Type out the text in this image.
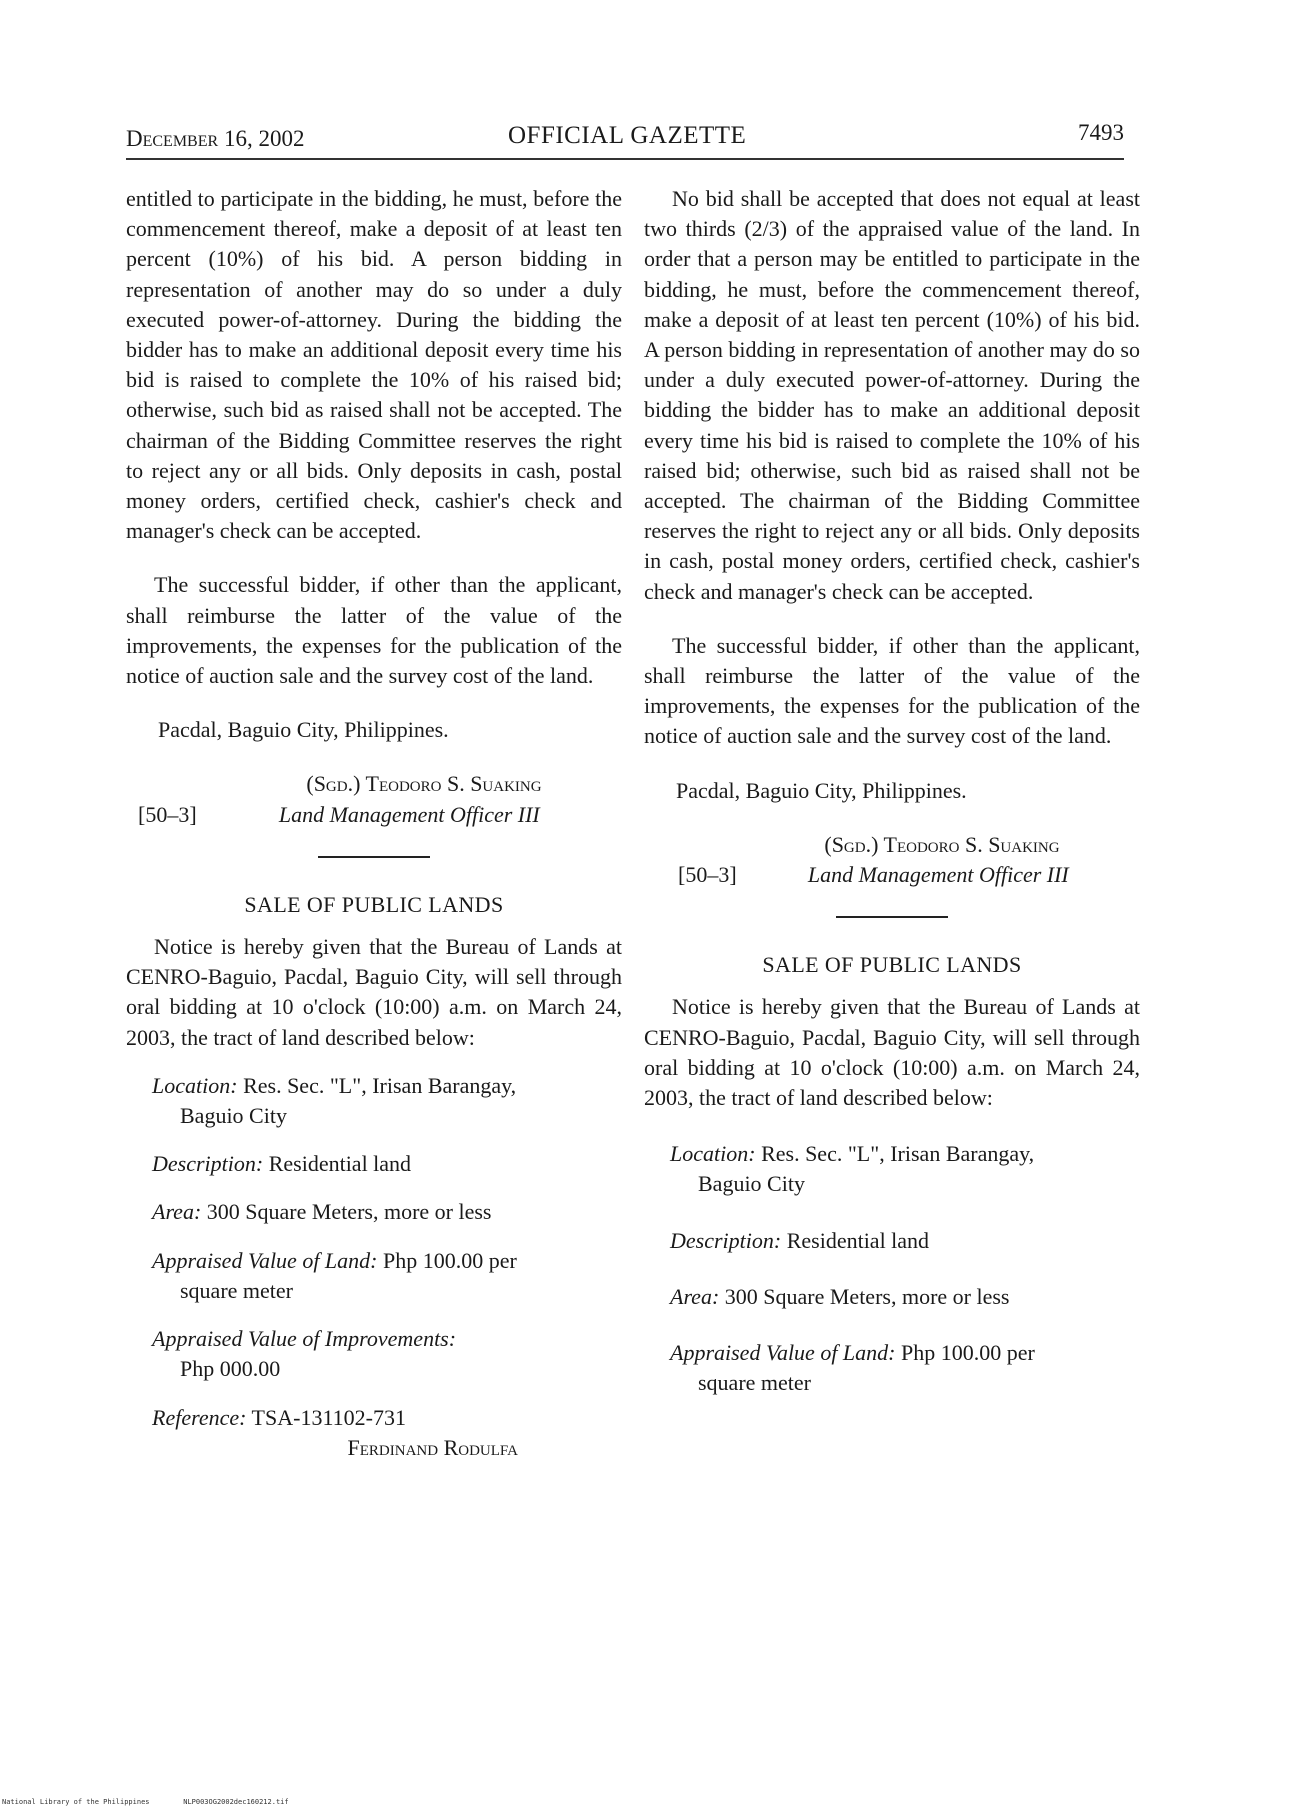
December 16, 2002	OFFICIAL GAZETTE	7493

entitled to participate in the bidding, he must, before the commencement thereof, make a deposit of at least ten percent (10%) of his bid. A person bidding in representation of another may do so under a duly executed power-of-attorney. During the bidding the bidder has to make an additional deposit every time his bid is raised to complete the 10% of his raised bid; otherwise, such bid as raised shall not be accepted. The chairman of the Bidding Committee reserves the right to reject any or all bids. Only deposits in cash, postal money orders, certified check, cashier's check and manager's check can be accepted.

The successful bidder, if other than the applicant, shall reimburse the latter of the value of the improvements, the expenses for the publication of the notice of auction sale and the survey cost of the land.

Pacdal, Baguio City, Philippines.

(Sgd.) Teodoro S. Suaking
[50–3]	Land Management Officer III

SALE OF PUBLIC LANDS

Notice is hereby given that the Bureau of Lands at CENRO-Baguio, Pacdal, Baguio City, will sell through oral bidding at 10 o'clock (10:00) a.m. on March 24, 2003, the tract of land described below:

Location: Res. Sec. "L", Irisan Barangay,
Baguio City

Description: Residential land

Area: 300 Square Meters, more or less

Appraised Value of Land: Php 100.00 per
square meter

Appraised Value of Improvements:
Php 000.00

Reference: TSA-131102-731

Ferdinand Rodulfa

No bid shall be accepted that does not equal at least two thirds (2/3) of the appraised value of the land. In order that a person may be entitled to participate in the bidding, he must, before the commencement thereof, make a deposit of at least ten percent (10%) of his bid. A person bidding in representation of another may do so under a duly executed power-of-attorney. During the bidding the bidder has to make an additional deposit every time his bid is raised to complete the 10% of his raised bid; otherwise, such bid as raised shall not be accepted. The chairman of the Bidding Committee reserves the right to reject any or all bids. Only deposits in cash, postal money orders, certified check, cashier's check and manager's check can be accepted.

The successful bidder, if other than the applicant, shall reimburse the latter of the value of the improvements, the expenses for the publication of the notice of auction sale and the survey cost of the land.

Pacdal, Baguio City, Philippines.

(Sgd.) Teodoro S. Suaking
[50–3]	Land Management Officer III

SALE OF PUBLIC LANDS

Notice is hereby given that the Bureau of Lands at CENRO-Baguio, Pacdal, Baguio City, will sell through oral bidding at 10 o'clock (10:00) a.m. on March 24, 2003, the tract of land described below:

Location: Res. Sec. "L", Irisan Barangay,
Baguio City

Description: Residential land

Area: 300 Square Meters, more or less

Appraised Value of Land: Php 100.00 per
square meter

National Library of the Philippines	NLP003OG2002dec160212.tif
